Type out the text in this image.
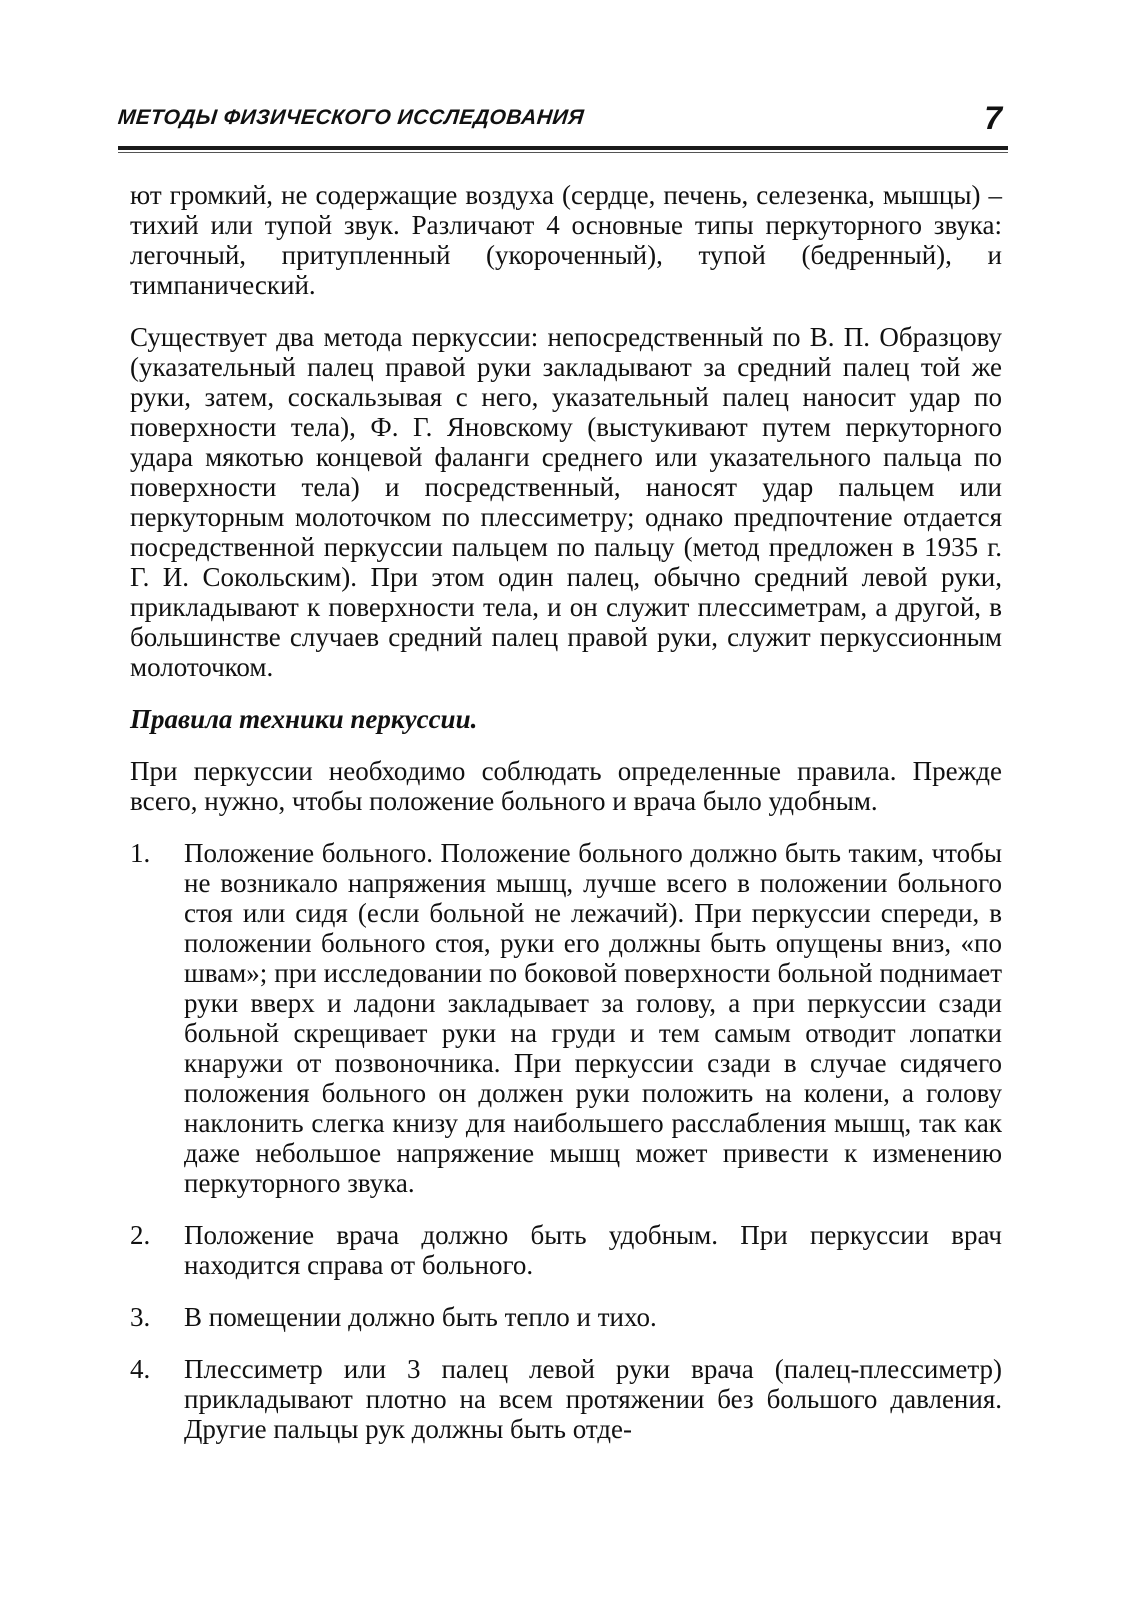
МЕТОДЫ ФИЗИЧЕСКОГО ИССЛЕДОВАНИЯ	7

ют громкий, не содержащие воздуха (сердце, печень, селезенка, мышцы) – тихий или тупой звук. Различают 4 основные типы перкуторного звука: легочный, притупленный (укороченный), тупой (бедренный), и тимпанический.

Существует два метода перкуссии: непосредственный по В. П. Образцову (указательный палец правой руки закладывают за средний палец той же руки, затем, соскальзывая с него, указательный палец наносит удар по поверхности тела), Ф. Г. Яновскому (выстукивают путем перкуторного удара мякотью концевой фаланги среднего или указательного пальца по поверхности тела) и посредственный, наносят удар пальцем или перкуторным молоточком по плессиметру; однако предпочтение отдается посредственной перкуссии пальцем по пальцу (метод предложен в 1935 г. Г. И. Сокольским). При этом один палец, обычно средний левой руки, прикладывают к поверхности тела, и он служит плессиметрам, а другой, в большинстве случаев средний палец правой руки, служит перкуссионным молоточком.

Правила техники перкуссии.

При перкуссии необходимо соблюдать определенные правила. Прежде всего, нужно, чтобы положение больного и врача было удобным.

1. Положение больного. Положение больного должно быть таким, чтобы не возникало напряжения мышц, лучше всего в положении больного стоя или сидя (если больной не лежачий). При перкуссии спереди, в положении больного стоя, руки его должны быть опущены вниз, «по швам»; при исследовании по боковой поверхности больной поднимает руки вверх и ладони закладывает за голову, а при перкуссии сзади больной скрещивает руки на груди и тем самым отводит лопатки кнаружи от позвоночника. При перкуссии сзади в случае сидячего положения больного он должен руки положить на колени, а голову наклонить слегка книзу для наибольшего расслабления мышц, так как даже небольшое напряжение мышц может привести к изменению перкуторного звука.
2. Положение врача должно быть удобным. При перкуссии врач находится справа от больного.
3. В помещении должно быть тепло и тихо.
4. Плессиметр или 3 палец левой руки врача (палец-плессиметр) прикладывают плотно на всем протяжении без большого давления. Другие пальцы рук должны быть отде-
